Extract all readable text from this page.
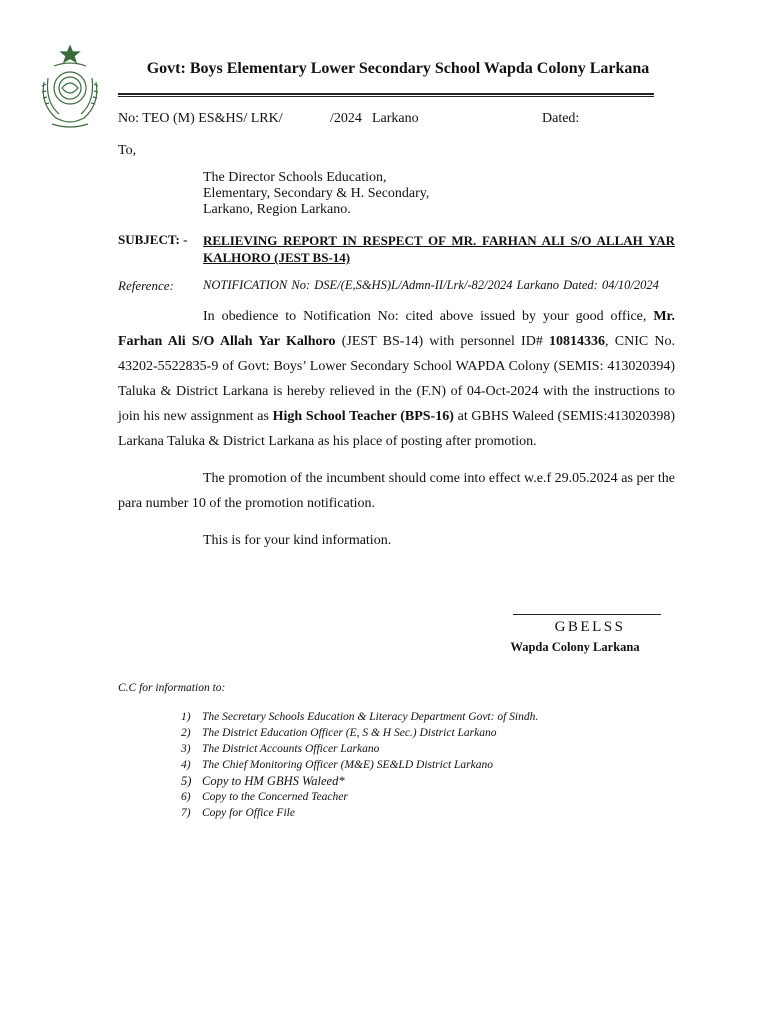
Govt: Boys Elementary Lower Secondary School Wapda Colony Larkana
No: TEO (M) ES&HS/ LRK/	/2024 Larkano	Dated:
To,
The Director Schools Education,
Elementary, Secondary & H. Secondary,
Larkano, Region Larkano.
SUBJECT: - RELIEVING REPORT IN RESPECT OF MR. FARHAN ALI S/O ALLAH YAR KALHORO (JEST BS-14)
Reference: NOTIFICATION No: DSE/(E,S&HS)L/Admn-II/Lrk/-82/2024 Larkano Dated: 04/10/2024
In obedience to Notification No: cited above issued by your good office, Mr. Farhan Ali S/O Allah Yar Kalhoro (JEST BS-14) with personnel ID# 10814336, CNIC No. 43202-5522835-9 of Govt: Boys’ Lower Secondary School WAPDA Colony (SEMIS: 413020394) Taluka & District Larkana is hereby relieved in the (F.N) of 04-Oct-2024 with the instructions to join his new assignment as High School Teacher (BPS-16) at GBHS Waleed (SEMIS:413020398) Larkana Taluka & District Larkana as his place of posting after promotion.
The promotion of the incumbent should come into effect w.e.f 29.05.2024 as per the para number 10 of the promotion notification.
This is for your kind information.
GBELSS
Wapda Colony Larkana
C.C for information to:
1) The Secretary Schools Education & Literacy Department Govt: of Sindh.
2) The District Education Officer (E, S & H Sec.) District Larkano
3) The District Accounts Officer Larkano
4) The Chief Monitoring Officer (M&E) SE&LD District Larkano
5) Copy to HM GBHS Waleed*
6) Copy to the Concerned Teacher
7) Copy for Office File
